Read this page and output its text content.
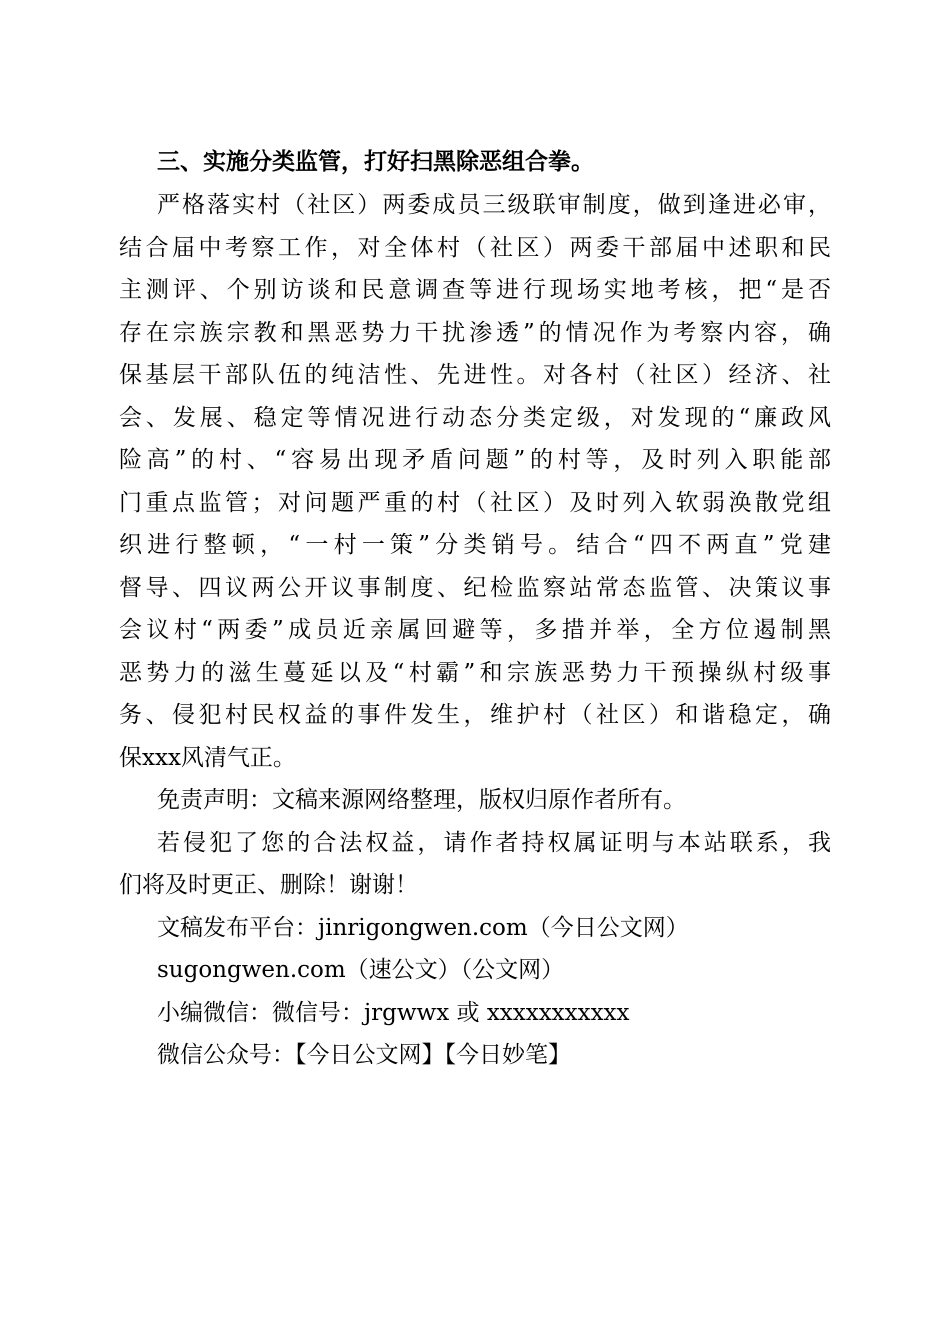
三、实施分类监管，打好扫黑除恶组合拳。

严格落实村（社区）两委成员三级联审制度，做到逢进必审，

结合届中考察工作，对全体村（社区）两委干部届中述职和民

主测评、个别访谈和民意调查等进行现场实地考核，把“是否

存在宗族宗教和黑恶势力干扰渗透”的情况作为考察内容，确

保基层干部队伍的纯洁性、先进性。对各村（社区）经济、社

会、发展、稳定等情况进行动态分类定级，对发现的“廉政风

险高”的村、“容易出现矛盾问题”的村等，及时列入职能部

门重点监管；对问题严重的村（社区）及时列入软弱涣散党组

织进行整顿，“一村一策”分类销号。结合“四不两直”党建

督导、四议两公开议事制度、纪检监察站常态监管、决策议事

会议村“两委”成员近亲属回避等，多措并举，全方位遏制黑

恶势力的滋生蔓延以及“村霸”和宗族恶势力干预操纵村级事

务、侵犯村民权益的事件发生，维护村（社区）和谐稳定，确

保xxx风清气正。

免责声明：文稿来源网络整理，版权归原作者所有。

若侵犯了您的合法权益，请作者持权属证明与本站联系，我

们将及时更正、删除！谢谢！

文稿发布平台：jinrigongwen.com（今日公文网）

sugongwen.com（速公文）（公文网）

小编微信：微信号：jrgwwx 或 xxxxxxxxxxx

微信公众号：【今日公文网】【今日妙笔】
